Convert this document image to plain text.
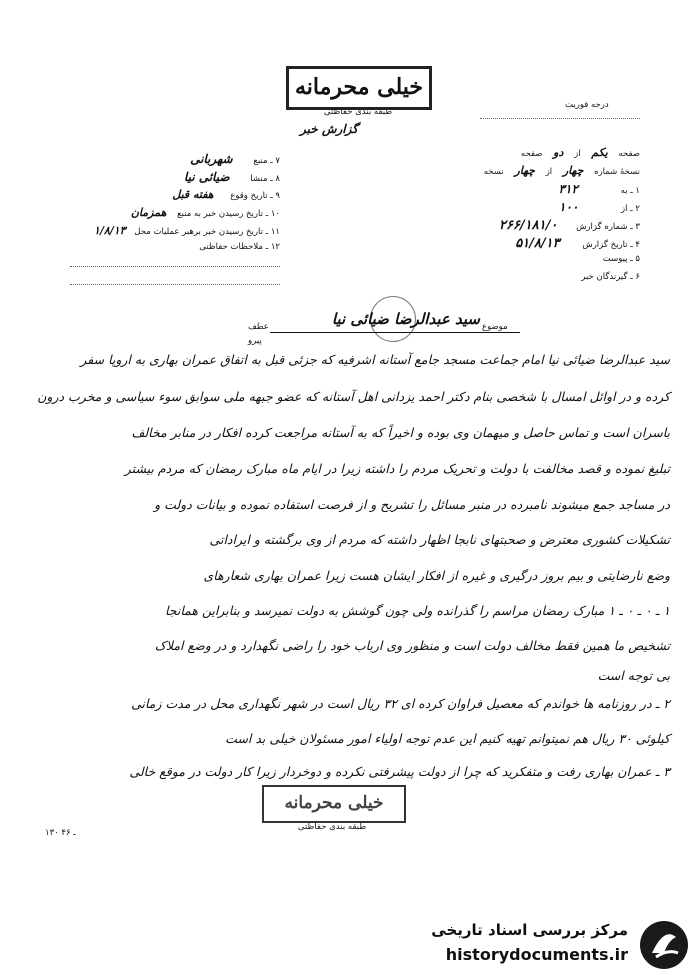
خیلی محرمانه
طبقه بندی حفاظتی
درجه فوریت
گزارش خبر
۷ ـ منبع شهربانی
۸ ـ منشا ضیائی نیا
۹ ـ تاریخ وقوع هفته قبل
۱۰ ـ تاریخ رسیدن خبر به منبع همزمان
۱۱ ـ تاریخ رسیدن خبر برهبر عملیات محل ۱/۸/۱۳
۱۲ ـ ملاحظات حفاظتی
صفحه یکم از دو صفحه
نسخهٔ شماره چهار از چهار نسخه
۱ ـ به ۳۱۲
۲ ـ از ۱۰۰
۳ ـ شماره گزارش ۲۶۶/۱۸۱/۰
۴ ـ تاریخ گزارش ۵۱/۸/۱۳
۵ ـ پیوست
۶ ـ گیرندگان خبر
موضوع
سید عبدالرضا ضیائی نیا
عطف
پیرو
سید عبدالرضا ضیائی نیا امام جماعت مسجد جامع آستانه اشرفیه که جزئی قبل به اتفاق عمران بهاری به اروپا سفر
کرده و در اوائل امسال با شخصی بنام دکتر احمد یزدانی اهل آستانه که عضو جبهه ملی سوابق سوء سیاسی و مخرب درون
باسران است و تماس حاصل و میهمان وی بوده و اخیراً که به آستانه مراجعت کرده افکار در منابر مخالف
تبلیغ نموده و قصد مخالفت با دولت و تحریک مردم را داشته زیرا در ایام ماه مبارک رمضان که مردم بیشتر
در مساجد جمع میشوند نامبرده در منبر مسائل را تشریح و از فرصت استفاده نموده و بیانات دولت و
تشکیلات کشوری معترض و صحبتهای نابجا اظهار داشته که مردم از وی برگشته و ایراداتی
وضع نارضایتی و بیم بروز درگیری و غیره از افکار ایشان هست زیرا عمران بهاری شعارهای
۱ ـ ۰ ـ ۰ ـ ۱ مبارک رمضان مراسم را گذرانده ولی چون گوشش به دولت نمیرسد و بنابراین همانجا
تشخیص ما همین فقط مخالف دولت است و منظور وی ارباب خود را راضی نگهدارد و در وضع املاک
بی توجه است
۲ ـ در روزنامه ها خواندم که معصیل فراوان کرده ای ۳۲ ریال است در شهر نگهداری محل در مدت زمانی
کیلوئی ۳۰ ریال هم نمیتوانم تهیه کنیم این عدم توجه اولیاء امور مسئولان خیلی بد است
۳ ـ عمران بهاری رفت و متفکرید که چرا از دولت پیشرفتی نکرده و دوخردار زیرا کار دولت در موقع خالی
خیلی محرمانه
طبقه بندی حفاظتی
۱۳۰ ـ ۴۶
مرکز بررسی اسناد تاریخی
historydocuments.ir
